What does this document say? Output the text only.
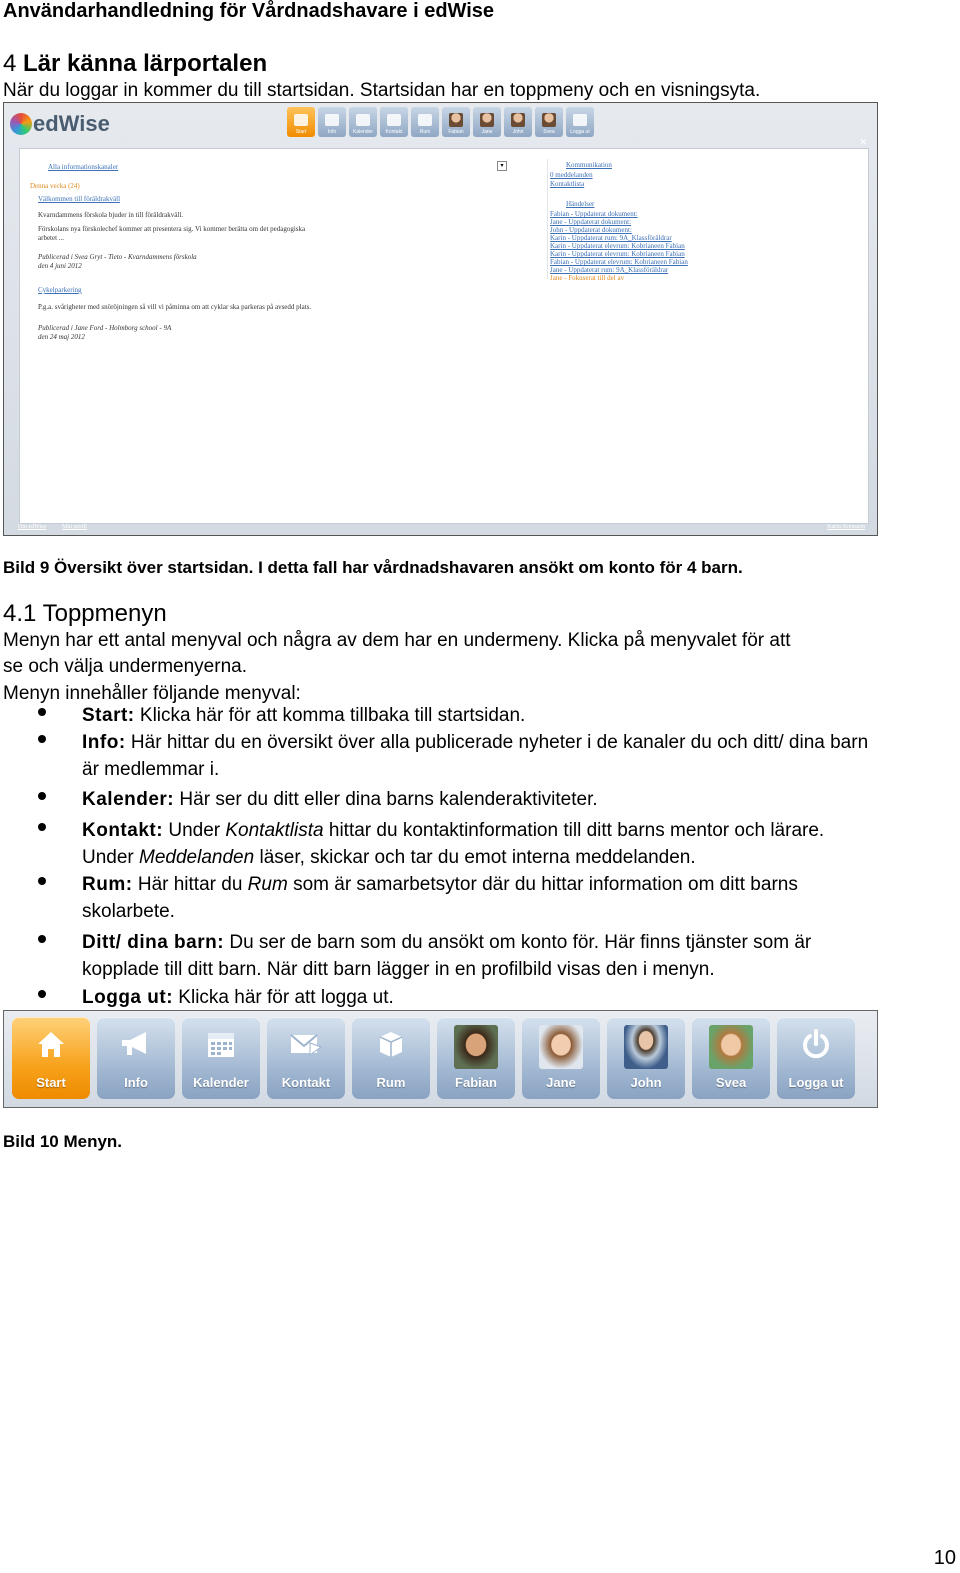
Användarhandledning för Vårdnadshavare i edWise
4 Lär känna lärportalen
När du loggar in kommer du till startsidan. Startsidan har en toppmeny och en visningsyta.
edWise	Start	Info	Kalender	Kontakt	Rum	Fabian	Jane	John	Svea	Logga ut
✕
Alla informationskanaler	▾
Denna vecka (24)
Välkommen till föräldrakväll
Kvarndammens förskola bjuder in till föräldrakväll.
Förskolans nya förskolechef kommer att presentera sig. Vi kommer berätta om det pedagogiska
arbetet ...
Publicerad i Svea Gryt - Tieto - Kvarndammens förskola
den 4 juni 2012
Cykelparkering
P.g.a. svårigheter med snöröjningen så vill vi påminna om att cyklar ska parkeras på avsedd plats.
Publicerad i Jane Ford - Holmborg school - 9A
den 24 maj 2012
Kommunikation
0 meddelanden
Kontaktlista
Händelser
Fabian - Uppdaterat dokument:
Jane - Uppdaterat dokument:
John - Uppdaterat dokument:
Karin - Uppdaterat rum: 9A_Klassföräldrar
Karin - Uppdaterat elevrum: Kobrianeen Fabian
Karin - Uppdaterat elevrum: Kobrianeen Fabian
Fabian - Uppdaterat elevrum: Kobrianeen Fabian
Jane - Uppdaterat rum: 9A_Klassföräldrar
Jane - Fokuserat till del av
Om edWise	Min profil	Karin Svensson
Bild 9 Översikt över startsidan. I detta fall har vårdnadshavaren ansökt om konto för 4 barn.
4.1 Toppmenyn
Menyn har ett antal menyval och några av dem har en undermeny. Klicka på menyvalet för att
se och välja undermenyerna.
Menyn innehåller följande menyval:
Start: Klicka här för att komma tillbaka till startsidan.
Info: Här hittar du en översikt över alla publicerade nyheter i de kanaler du och ditt/ dina barn är medlemmar i.
Kalender: Här ser du ditt eller dina barns kalenderaktiviteter.
Kontakt: Under Kontaktlista hittar du kontaktinformation till ditt barns mentor och lärare. Under Meddelanden läser, skickar och tar du emot interna meddelanden.
Rum: Här hittar du Rum som är samarbetsytor där du hittar information om ditt barns skolarbete.
Ditt/ dina barn: Du ser de barn som du ansökt om konto för. Här finns tjänster som är kopplade till ditt barn. När ditt barn lägger in en profilbild visas den i menyn.
Logga ut: Klicka här för att logga ut.
Start	Info	Kalender	Kontakt	Rum	Fabian	Jane	John	Svea	Logga ut
Bild 10 Menyn.
10
